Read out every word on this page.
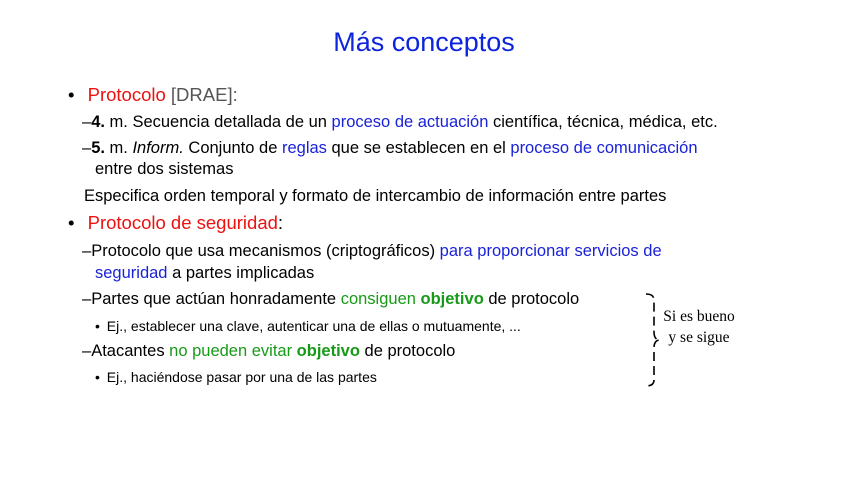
Más conceptos
• Protocolo [DRAE]:
–4. m. Secuencia detallada de un proceso de actuación científica, técnica, médica, etc.
–5. m. Inform. Conjunto de reglas que se establecen en el proceso de comunicación
entre dos sistemas
Especifica orden temporal y formato de intercambio de información entre partes
• Protocolo de seguridad:
–Protocolo que usa mecanismos (criptográficos) para proporcionar servicios de
seguridad a partes implicadas
–Partes que actúan honradamente consiguen objetivo de protocolo
• Ej., establecer una clave, autenticar una de ellas o mutuamente, ...
–Atacantes no pueden evitar objetivo de protocolo
• Ej., haciéndose pasar por una de las partes
Si es bueno y se sigue
